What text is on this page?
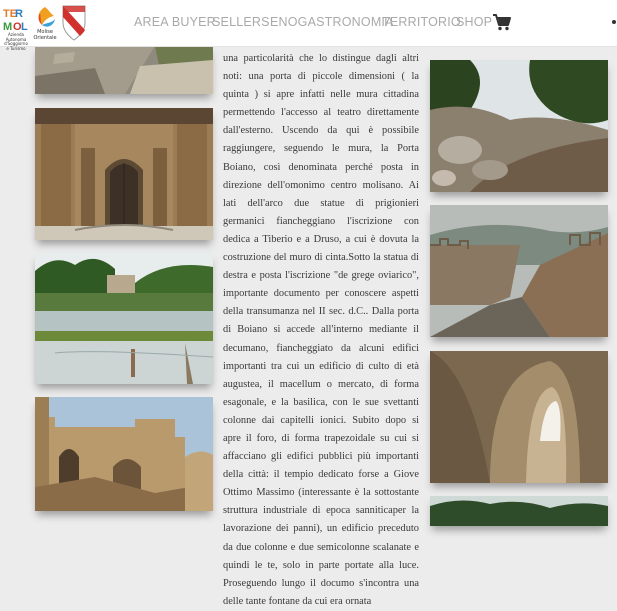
TE
R
M O L
Azienda Autonoma d'Soggiorno e Turismo
Molise Orientale
AREA BUYER
SELLERS ENOGASTRONOMIA
TERRITORIO
SHOP

una particolarità che lo distingue dagli altri noti: una porta di piccole dimensioni ( la quinta ) si apre infatti nelle mura cittadina permettendo l'accesso al teatro direttamente dall'esterno. Uscendo da qui è possibile raggiungere, seguendo le mura, la Porta Boiano, così denominata perché posta in direzione dell'omonimo centro molisano. Ai lati dell'arco due statue di prigionieri germanici fiancheggiano l'iscrizione con dedica a Tiberio e a Druso, a cui è dovuta la costruzione del muro di cinta.Sotto la statua di destra e posta l'iscrizione "de grege oviarico", importante documento per conoscere aspetti della transumanza nel II sec. d.C.. Dalla porta di Boiano si accede all'interno mediante il decumano, fiancheggiato da alcuni edifici importanti tra cui un edificio di culto di età augustea, il macellum o mercato, di forma esagonale, e la basilica, con le sue svettanti colonne dai capitelli ionici. Subito dopo si apre il foro, di forma trapezoidale su cui si affacciano gli edifici pubblici più importanti della città: il tempio dedicato forse a Giove Ottimo Massimo (interessante è la sottostante struttura industriale di epoca sanniticaper la lavorazione dei panni), un edificio preceduto da due colonne e due semicolonne scalanate e quindi le te, solo in parte portate alla luce. Proseguendo lungo il documo s'incontra una delle tante fontane da cui era ornata
